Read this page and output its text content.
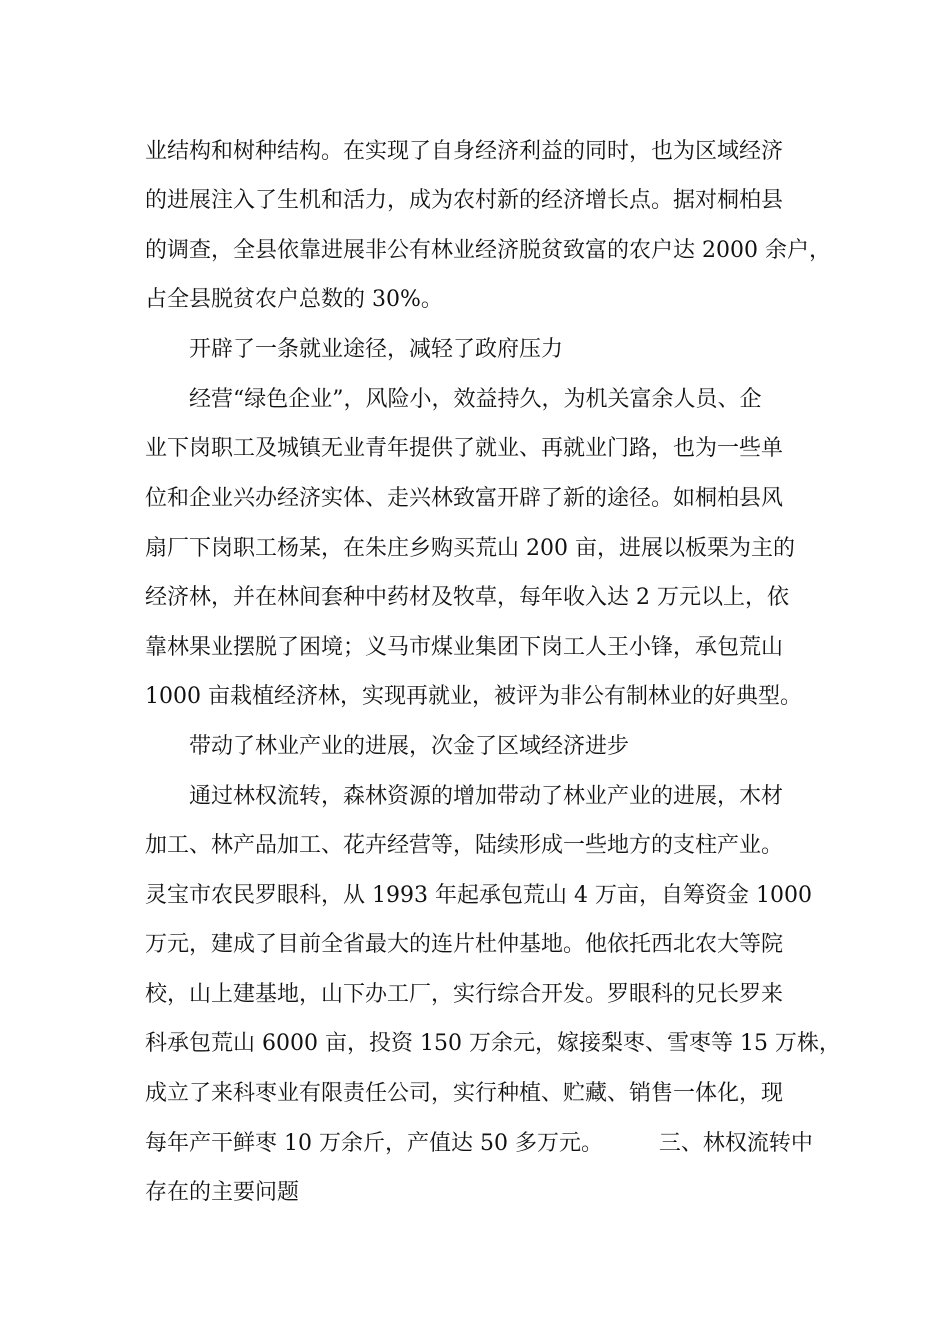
业结构和树种结构。在实现了自身经济利益的同时，也为区域经济
的进展注入了生机和活力，成为农村新的经济增长点。据对桐柏县
的调查，全县依靠进展非公有林业经济脱贫致富的农户达 2000 余户，
占全县脱贫农户总数的 30%。
开辟了一条就业途径，减轻了政府压力
经营“绿色企业”，风险小，效益持久，为机关富余人员、企
业下岗职工及城镇无业青年提供了就业、再就业门路，也为一些单
位和企业兴办经济实体、走兴林致富开辟了新的途径。如桐柏县风
扇厂下岗职工杨某，在朱庄乡购买荒山 200 亩，进展以板栗为主的
经济林，并在林间套种中药材及牧草，每年收入达 2 万元以上，依
靠林果业摆脱了困境；义马市煤业集团下岗工人王小锋，承包荒山
1000 亩栽植经济林，实现再就业，被评为非公有制林业的好典型。
带动了林业产业的进展，次金了区域经济进步
通过林权流转，森林资源的增加带动了林业产业的进展，木材
加工、林产品加工、花卉经营等，陆续形成一些地方的支柱产业。
灵宝市农民罗眼科，从 1993 年起承包荒山 4 万亩，自筹资金 1000
万元，建成了目前全省最大的连片杜仲基地。他依托西北农大等院
校，山上建基地，山下办工厂，实行综合开发。罗眼科的兄长罗来
科承包荒山 6000 亩，投资 150 万余元，嫁接梨枣、雪枣等 15 万株，
成立了来科枣业有限责任公司，实行种植、贮藏、销售一体化，现
每年产干鲜枣 10 万余斤，产值达 50 多万元。        三、林权流转中
存在的主要问题
